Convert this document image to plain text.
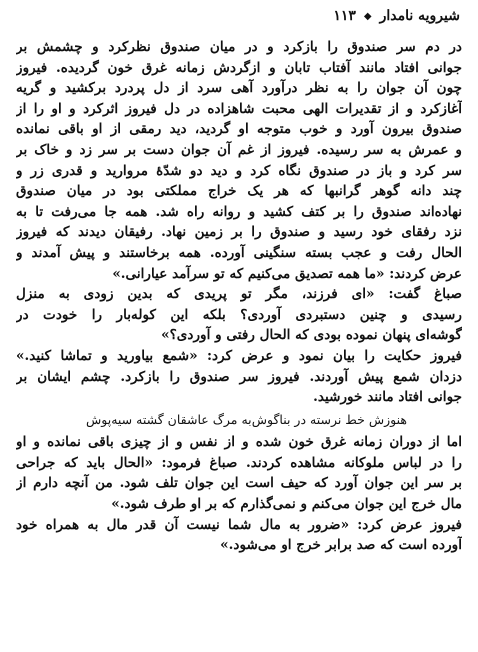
شیرویه نامدار
◆
۱۱۳
در دم سر صندوق را بازکرد و در میان صندوق نظرکرد و چشمش بر
جوانی افتاد مانند آفتاب تابان و ازگردش زمانه غرق خون گردیده. فیروز
چون آن جوان را به نظر درآورد آهی سرد از دل پردرد برکشید و گریه
آغازکرد و از تقدیرات الهی محبت شاهزاده در دل فیروز اثرکرد و او را از
صندوق بیرون آورد و خوب متوجه او گردید، دید رمقی از او باقی نمانده
و عمرش به سر رسیده. فیروز از غم آن جوان دست بر سر زد و خاک بر
سر کرد و باز در صندوق نگاه کرد و دید دو شدّهٔ مروارید و قدری زر و
چند دانه گوهر گرانبها که هر یک خراج مملکتی بود در میان صندوق
نهاده‌اند صندوق را بر کتف کشید و روانه راه شد. همه جا می‌رفت تا به
نزد رفقای خود رسید و صندوق را بر زمین نهاد. رفیقان دیدند که فیروز
الحال رفت و عجب بسته سنگینی آورده. همه برخاستند و پیش آمدند و
عرض کردند: «ما همه تصدیق می‌کنیم که تو سرآمد عیارانی.»
صباغ گفت: «ای فرزند، مگر تو پریدی که بدین زودی به منزل
رسیدی و چنین دستبردی آوردی؟ بلکه این کوله‌بار را خودت در
گوشه‌ای پنهان نموده بودی که الحال رفتی و آوردی؟»
فیروز حکایت را بیان نمود و عرض کرد: «شمع بیاورید و تماشا کنید.»
دزدان شمع پیش آوردند. فیروز سر صندوق را بازکرد. چشم ایشان بر
جوانی افتاد مانند خورشید.
هنوزش خط نرسته در بناگوش
به مرگ عاشقان گشته سیه‌پوش
اما از دوران زمانه غرق خون شده و از نفس و از چیزی باقی نمانده و او
را در لباس ملوکانه مشاهده کردند. صباغ فرمود: «الحال باید که جراحی
بر سر این جوان آورد که حیف است این جوان تلف شود. من آنچه دارم از
مال خرج این جوان می‌کنم و نمی‌گذارم که بر او طرف شود.»
فیروز عرض کرد: «ضرور به مال شما نیست آن قدر مال به همراه خود
آورده است که صد برابر خرج او می‌شود.»
